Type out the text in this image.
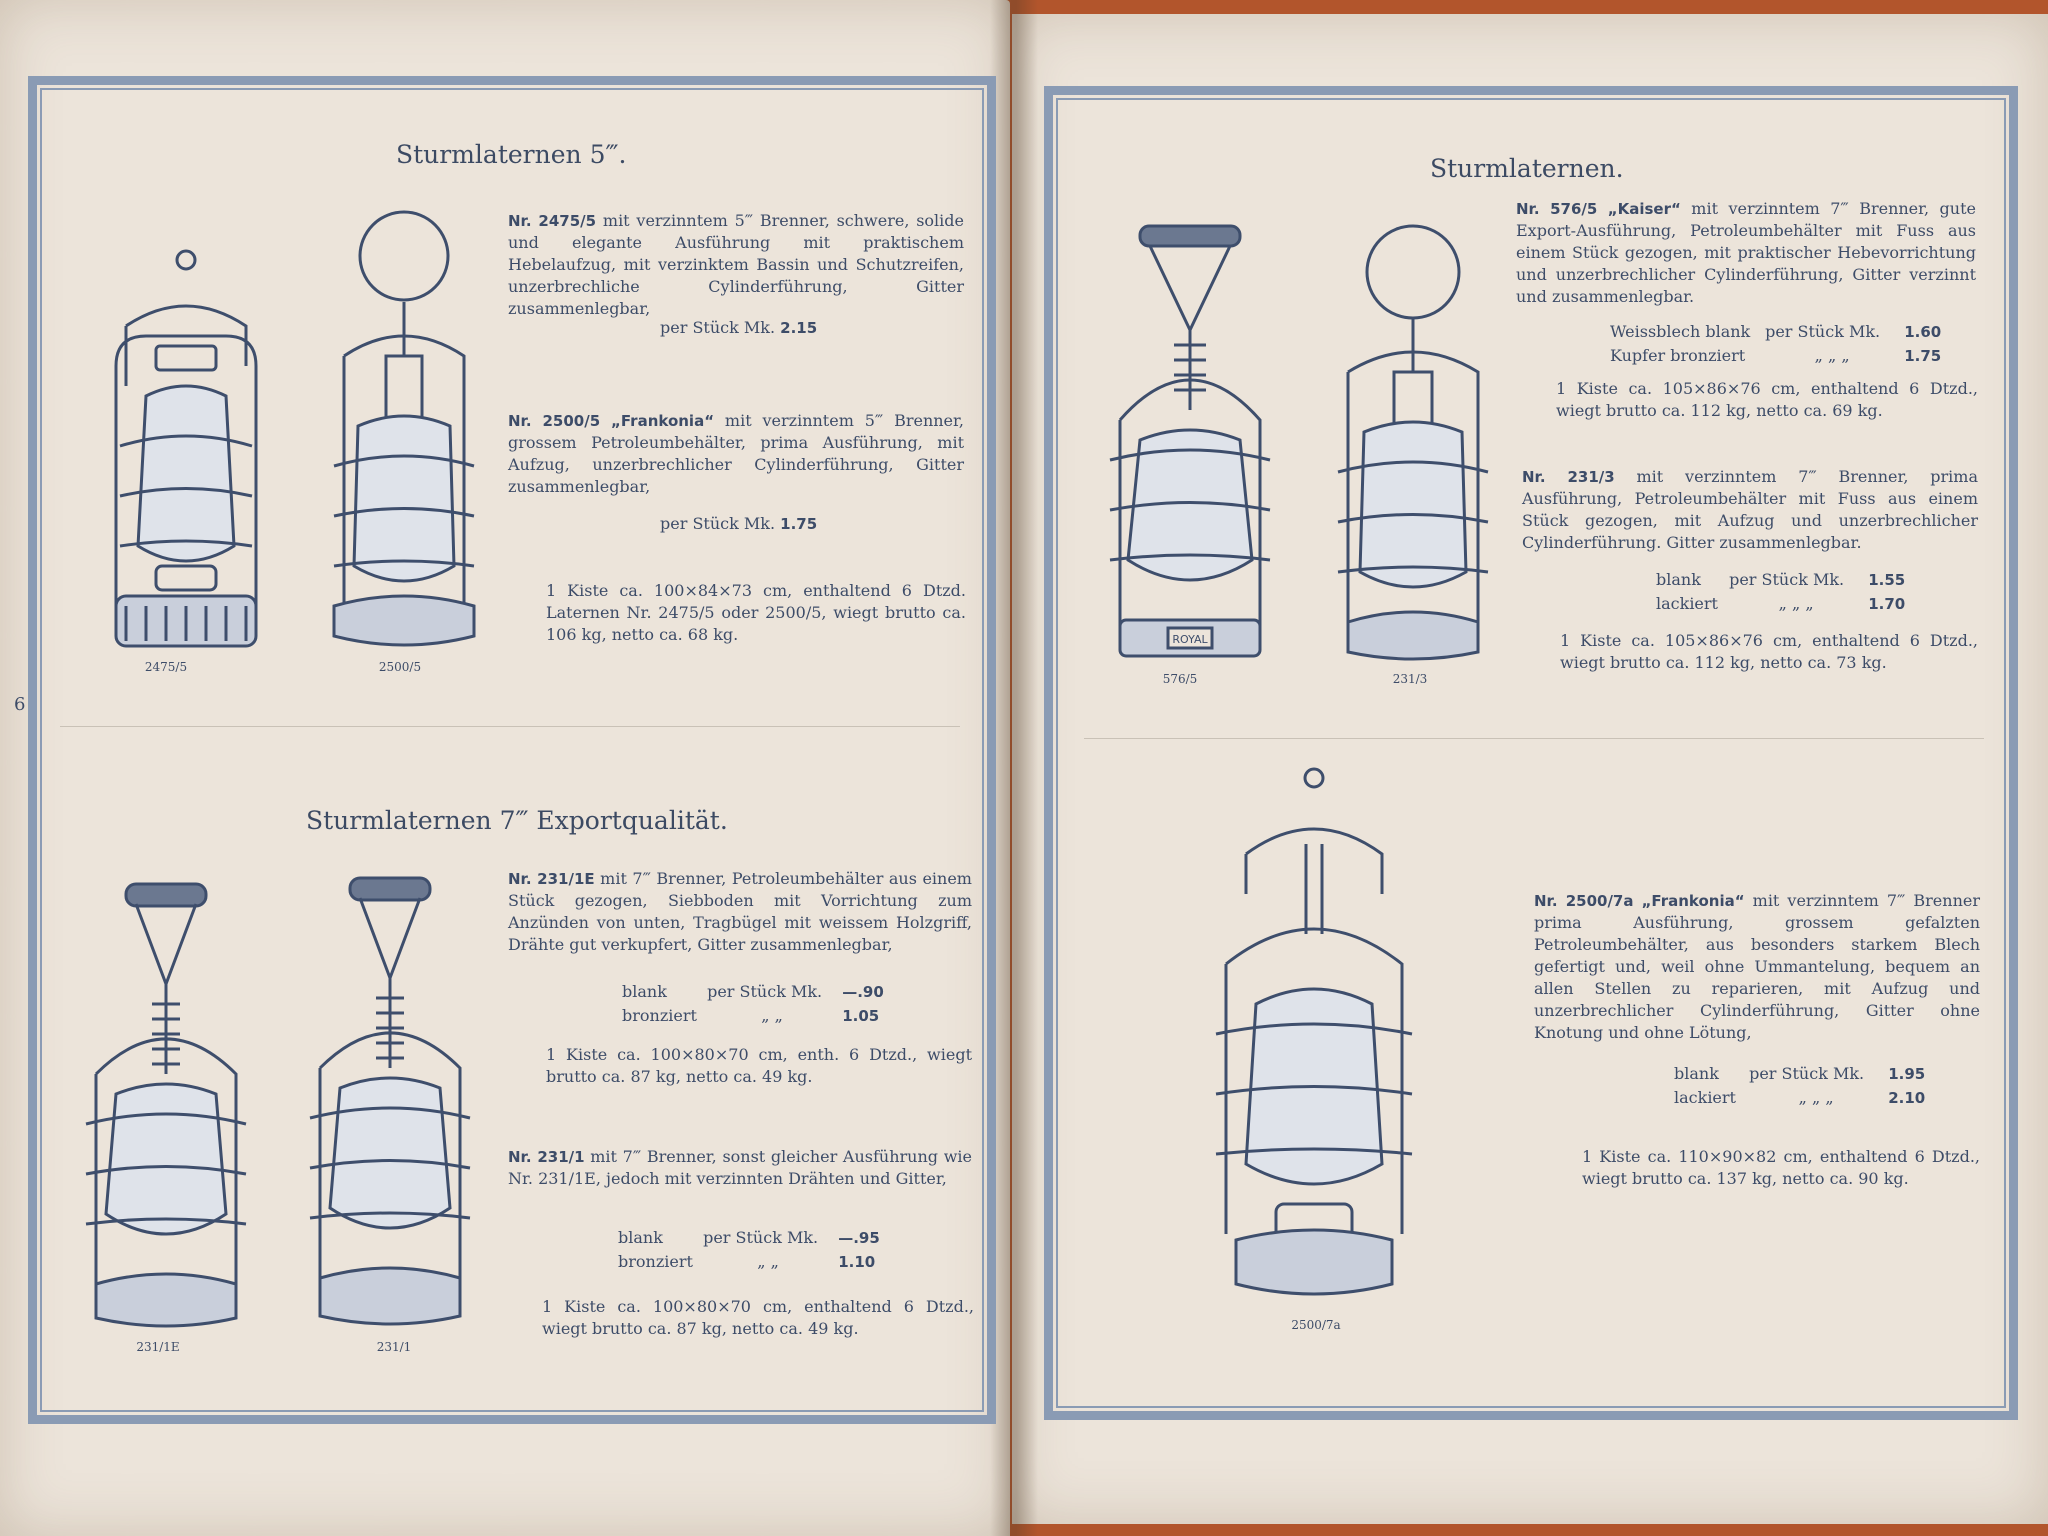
6
Sturmlaternen 5‴.

Nr. 2475/5 mit verzinntem 5‴ Brenner, schwere, solide und elegante Ausführung mit praktischem Hebelaufzug, mit verzinktem Bassin und Schutzreifen, unzerbrechliche Cylinderführung, Gitter zusammenlegbar,

per Stück Mk. 2.15

Nr. 2500/5 „Frankonia“ mit verzinntem 5‴ Brenner, grossem Petroleumbehälter, prima Ausführung, mit Aufzug, unzerbrechlicher Cylinderführung, Gitter zusammenlegbar,

per Stück Mk. 1.75
1 Kiste ca. 100×84×73 cm, enthaltend 6 Dtzd. Laternen Nr. 2475/5 oder 2500/5, wiegt brutto ca. 106 kg, netto ca. 68 kg.
Sturmlaternen 7‴ Exportqualität.

Nr. 231/1E mit 7‴ Brenner, Petroleumbehälter aus einem Stück gezogen, Siebboden mit Vorrichtung zum Anzünden von unten, Tragbügel mit weissem Holzgriff, Drähte gut verkupfert, Gitter zusammenlegbar,

blank	per Stück Mk. —.90
bronziert	„ „	1.05
1 Kiste ca. 100×80×70 cm, enth. 6 Dtzd., wiegt brutto ca. 87 kg, netto ca. 49 kg.

Nr. 231/1 mit 7‴ Brenner, sonst gleicher Ausführung wie Nr. 231/1E, jedoch mit verzinnten Drähten und Gitter,

blank	per Stück Mk. —.95
bronziert	„ „	1.10
1 Kiste ca. 100×80×70 cm, enthaltend 6 Dtzd., wiegt brutto ca. 87 kg, netto ca. 49 kg.
Sturmlaternen.

Nr. 576/5 „Kaiser“ mit verzinntem 7‴ Brenner, gute Export-Ausführung, Petroleumbehälter mit Fuss aus einem Stück gezogen, mit praktischer Hebevorrichtung und unzerbrechlicher Cylinderführung, Gitter verzinnt und zusammenlegbar.

Weissblech blank per Stück Mk. 1.60
Kupfer bronziert	„ „ „	1.75
1 Kiste ca. 105×86×76 cm, enthaltend 6 Dtzd., wiegt brutto ca. 112 kg, netto ca. 69 kg.

Nr. 231/3 mit verzinntem 7‴ Brenner, prima Ausführung, Petroleumbehälter mit Fuss aus einem Stück gezogen, mit Aufzug und unzerbrechlicher Cylinderführung. Gitter zusammenlegbar.

blank per Stück Mk. 1.55
lackiert	„ „ „	1.70
1 Kiste ca. 105×86×76 cm, enthaltend 6 Dtzd., wiegt brutto ca. 112 kg, netto ca. 73 kg.

Nr. 2500/7a „Frankonia“ mit verzinntem 7‴ Brenner prima Ausführung, grossem gefalzten Petroleumbehälter, aus besonders starkem Blech gefertigt und, weil ohne Ummantelung, bequem an allen Stellen zu reparieren, mit Aufzug und unzerbrechlicher Cylinderführung, Gitter ohne Knotung und ohne Lötung,

blank per Stück Mk. 1.95
lackiert	„ „ „	2.10
1 Kiste ca. 110×90×82 cm, enthaltend 6 Dtzd., wiegt brutto ca. 137 kg, netto ca. 90 kg.
2475/5	2500/5
231/1E	231/1
ROYAL
576/5	231/3
2500/7a
